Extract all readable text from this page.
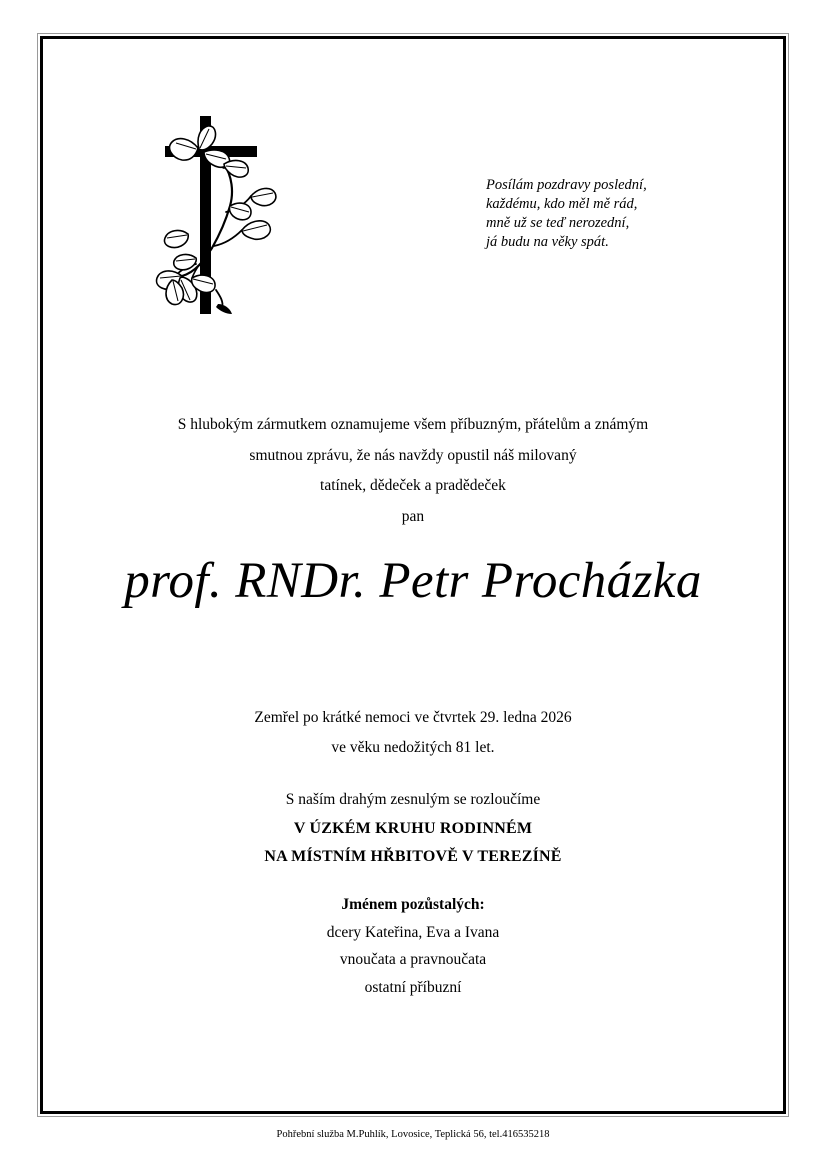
Posílám pozdravy poslední,
každému, kdo měl mě rád,
mně už se teď nerozední,
já budu na věky spát.
S hlubokým zármutkem oznamujeme všem příbuzným, přátelům a známým
smutnou zprávu, že nás navždy opustil náš milovaný
tatínek, dědeček a pradědeček
pan
prof. RNDr. Petr Procházka
Zemřel po krátké nemoci ve čtvrtek 29. ledna 2026
ve věku nedožitých 81 let.
S naším drahým zesnulým se rozloučíme
V ÚZKÉM KRUHU RODINNÉM
NA MÍSTNÍM HŘBITOVĚ V TEREZÍNĚ
Jménem pozůstalých:
dcery Kateřina, Eva a Ivana
vnoučata a pravnoučata
ostatní příbuzní
Pohřební služba M.Puhlík, Lovosice, Teplická 56, tel.416535218
